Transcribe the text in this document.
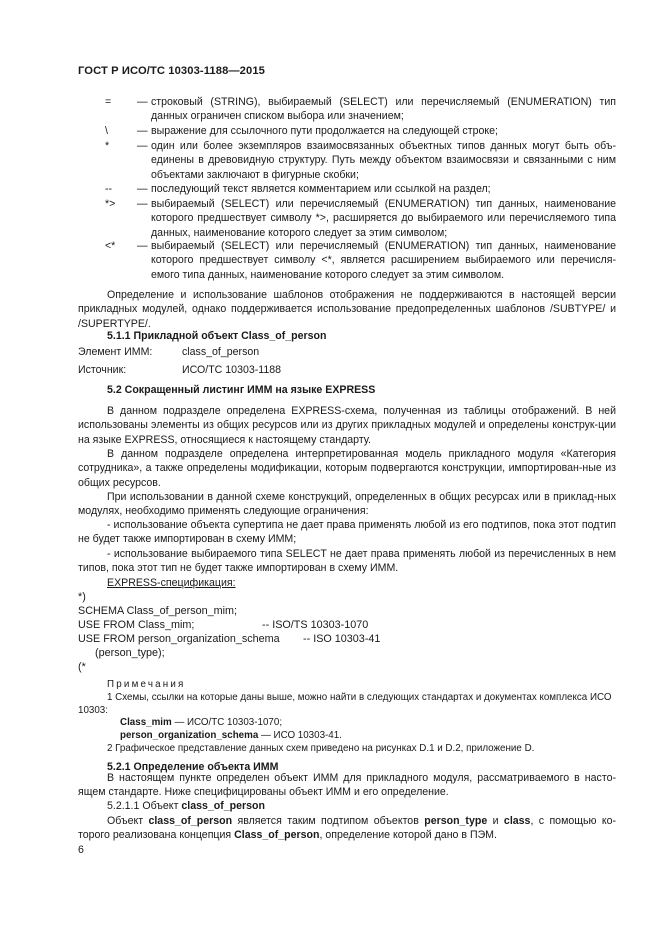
ГОСТ Р ИСО/ТС 10303-1188—2015
= — строковый (STRING), выбираемый (SELECT) или перечисляемый (ENUMERATION) тип данных ограничен списком выбора или значением;
\	— выражение для ссылочного пути продолжается на следующей строке;
*	— один или более экземпляров взаимосвязанных объектных типов данных могут быть объ-единены в древовидную структуру. Путь между объектом взаимосвязи и связанными с ним объектами заключают в фигурные скобки;
-- — последующий текст является комментарием или ссылкой на раздел;
*> — выбираемый (SELECT) или перечисляемый (ENUMERATION) тип данных, наименование которого предшествует символу *>, расширяется до выбираемого или перечисляемого типа данных, наименование которого следует за этим символом;
<* — выбираемый (SELECT) или перечисляемый (ENUMERATION) тип данных, наименование которого предшествует символу <*, является расширением выбираемого или перечисля-емого типа данных, наименование которого следует за этим символом.
Определение и использование шаблонов отображения не поддерживаются в настоящей версии прикладных модулей, однако поддерживается использование предопределенных шаблонов /SUBTYPE/ и /SUPERTYPE/.
5.1.1 Прикладной объект Class_of_person
Элемент ИММ:	class_of_person
Источник:	ИСО/ТС 10303-1188
5.2 Сокращенный листинг ИММ на языке EXPRESS
В данном подразделе определена EXPRESS-схема, полученная из таблицы отображений. В ней использованы элементы из общих ресурсов или из других прикладных модулей и определены конструк-ции на языке EXPRESS, относящиеся к настоящему стандарту.
В данном подразделе определена интерпретированная модель прикладного модуля «Категория сотрудника», а также определены модификации, которым подвергаются конструкции, импортирован-ные из общих ресурсов.
При использовании в данной схеме конструкций, определенных в общих ресурсах или в приклад-ных модулях, необходимо применять следующие ограничения:
- использование объекта супертипа не дает права применять любой из его подтипов, пока этот подтип не будет также импортирован в схему ИММ;
- использование выбираемого типа SELECT не дает права применять любой из перечисленных в нем типов, пока этот тип не будет также импортирован в схему ИММ.
EXPRESS-спецификация:
*)
SCHEMA Class_of_person_mim;
USE FROM Class_mim;	-- ISO/TS 10303-1070
USE FROM person_organization_schema -- ISO 10303-41
(person_type);
(*
Примечания
1 Схемы, ссылки на которые даны выше, можно найти в следующих стандартах и документах комплекса ИСО 10303:
Class_mim — ИСО/ТС 10303-1070;
person_organization_schema — ИСО 10303-41.
2 Графическое представление данных схем приведено на рисунках D.1 и D.2, приложение D.
5.2.1 Определение объекта ИММ
В настоящем пункте определен объект ИММ для прикладного модуля, рассматриваемого в насто-ящем стандарте. Ниже специфицированы объект ИММ и его определение.
5.2.1.1 Объект class_of_person
Объект class_of_person является таким подтипом объектов person_type и class, с помощью ко-торого реализована концепция Class_of_person, определение которой дано в ПЭМ.
6
